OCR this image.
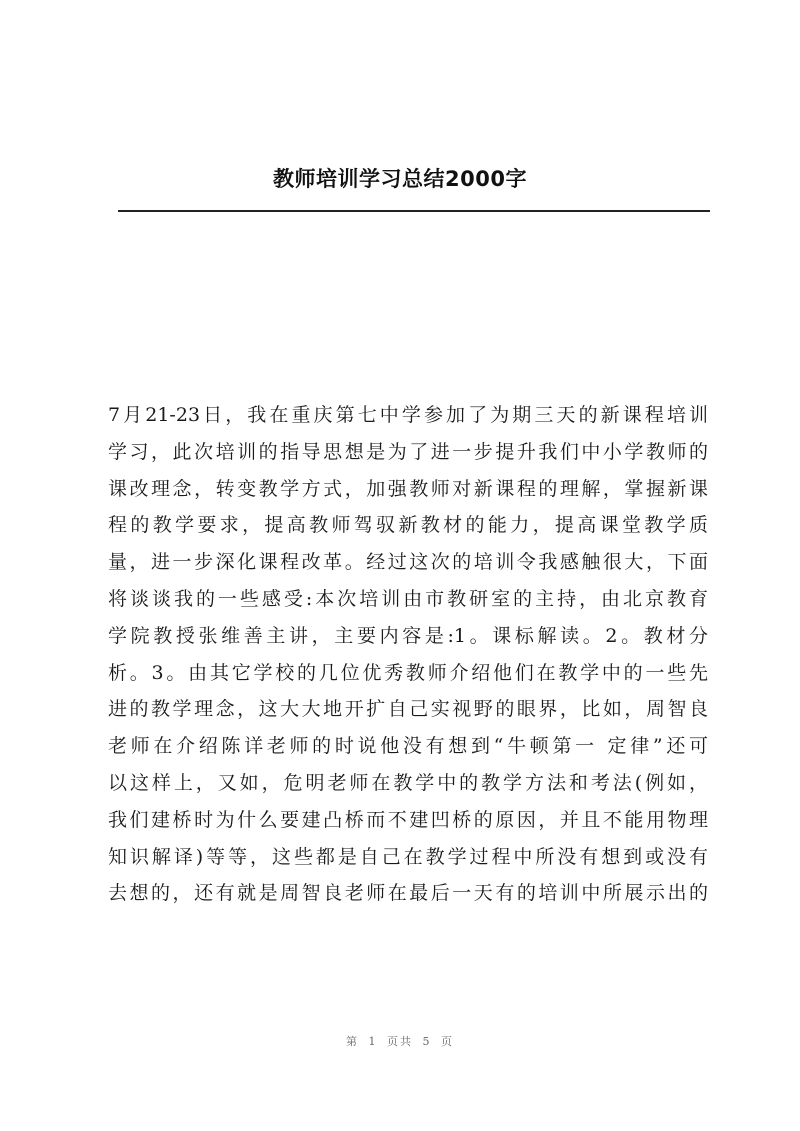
教师培训学习总结2000字
7月21-23日，我在重庆第七中学参加了为期三天的新课程培训
学习，此次培训的指导思想是为了进一步提升我们中小学教师的
课改理念，转变教学方式，加强教师对新课程的理解，掌握新课
程的教学要求，提高教师驾驭新教材的能力，提高课堂教学质
量，进一步深化课程改革。经过这次的培训令我感触很大，下面
将谈谈我的一些感受:本次培训由市教研室的主持，由北京教育
学院教授张维善主讲，主要内容是:1。课标解读。2。教材分
析。3。由其它学校的几位优秀教师介绍他们在教学中的一些先
进的教学理念，这大大地开扩自己实视野的眼界，比如，周智良
老师在介绍陈详老师的时说他没有想到“牛顿第一 定律”还可
以这样上，又如，危明老师在教学中的教学方法和考法(例如，
我们建桥时为什么要建凸桥而不建凹桥的原因，并且不能用物理
知识解译)等等，这些都是自己在教学过程中所没有想到或没有
去想的，还有就是周智良老师在最后一天有的培训中所展示出的
第 1 页共 5 页
